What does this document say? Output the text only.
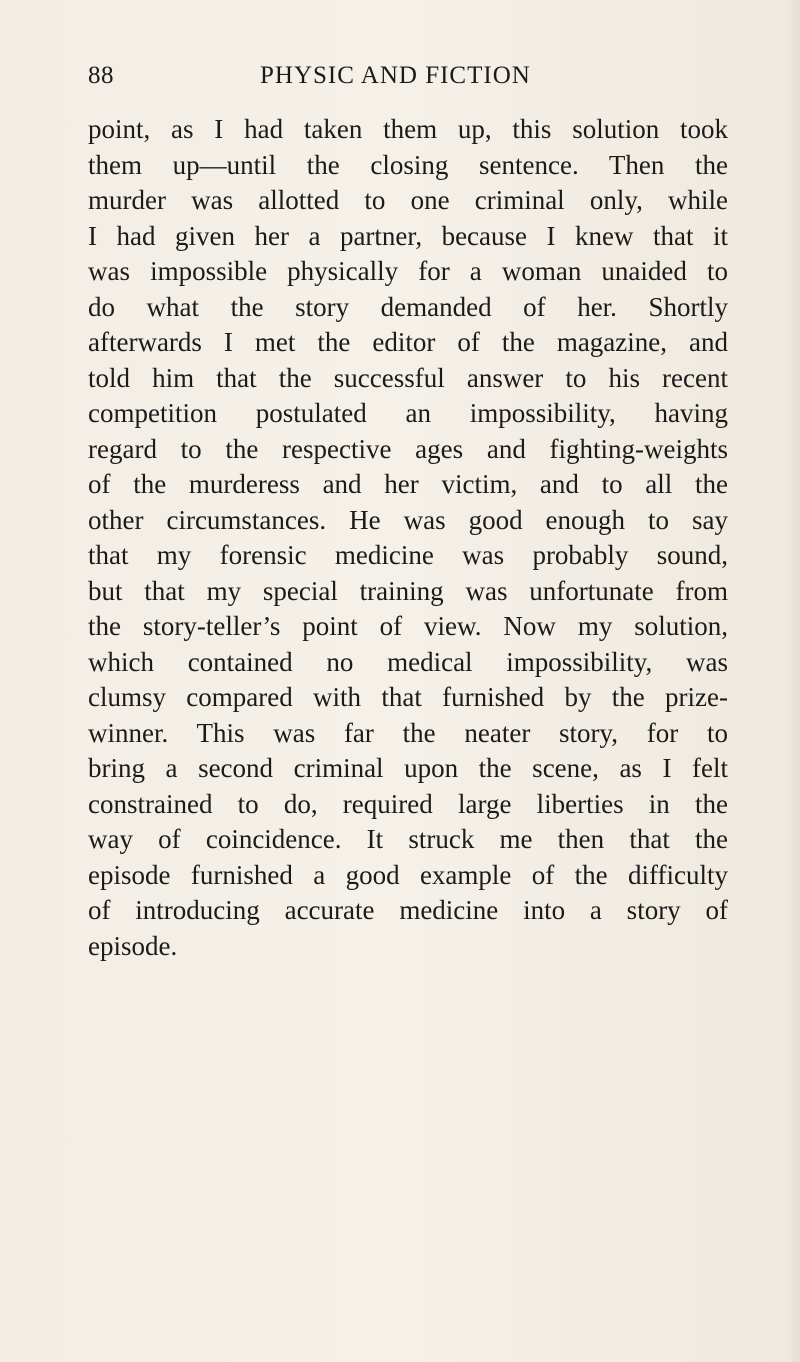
88	PHYSIC AND FICTION
point, as I had taken them up, this solution took
them up—until the closing sentence. Then the
murder was allotted to one criminal only, while
I had given her a partner, because I knew that it
was impossible physically for a woman unaided to
do what the story demanded of her. Shortly
afterwards I met the editor of the magazine, and
told him that the successful answer to his recent
competition postulated an impossibility, having
regard to the respective ages and fighting-weights
of the murderess and her victim, and to all the
other circumstances. He was good enough to say
that my forensic medicine was probably sound,
but that my special training was unfortunate from
the story-teller’s point of view. Now my solution,
which contained no medical impossibility, was
clumsy compared with that furnished by the prize-
winner. This was far the neater story, for to
bring a second criminal upon the scene, as I felt
constrained to do, required large liberties in the
way of coincidence. It struck me then that the
episode furnished a good example of the difficulty
of introducing accurate medicine into a story of
episode.
